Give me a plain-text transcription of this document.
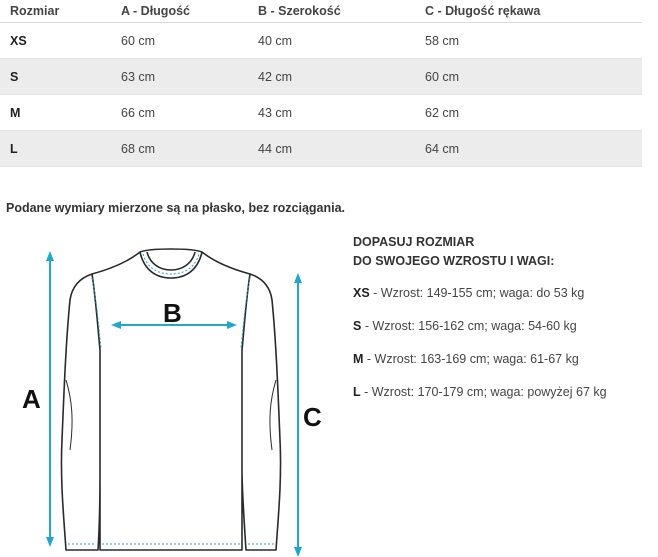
Rozmiar	A - Długość	B - Szerokość	C - Długość rękawa
XS	60 cm	40 cm	58 cm
S	63 cm	42 cm	60 cm
M	66 cm	43 cm	62 cm
L	68 cm	44 cm	64 cm

Podane wymiary mierzone są na płasko, bez rozciągania.

A
B
C
DOPASUJ ROZMIAR
DO SWOJEGO WZROSTU I WAGI:
XS - Wzrost: 149-155 cm; waga: do 53 kg
S - Wzrost: 156-162 cm; waga: 54-60 kg
M - Wzrost: 163-169 cm; waga: 61-67 kg
L - Wzrost: 170-179 cm; waga: powyżej 67 kg
